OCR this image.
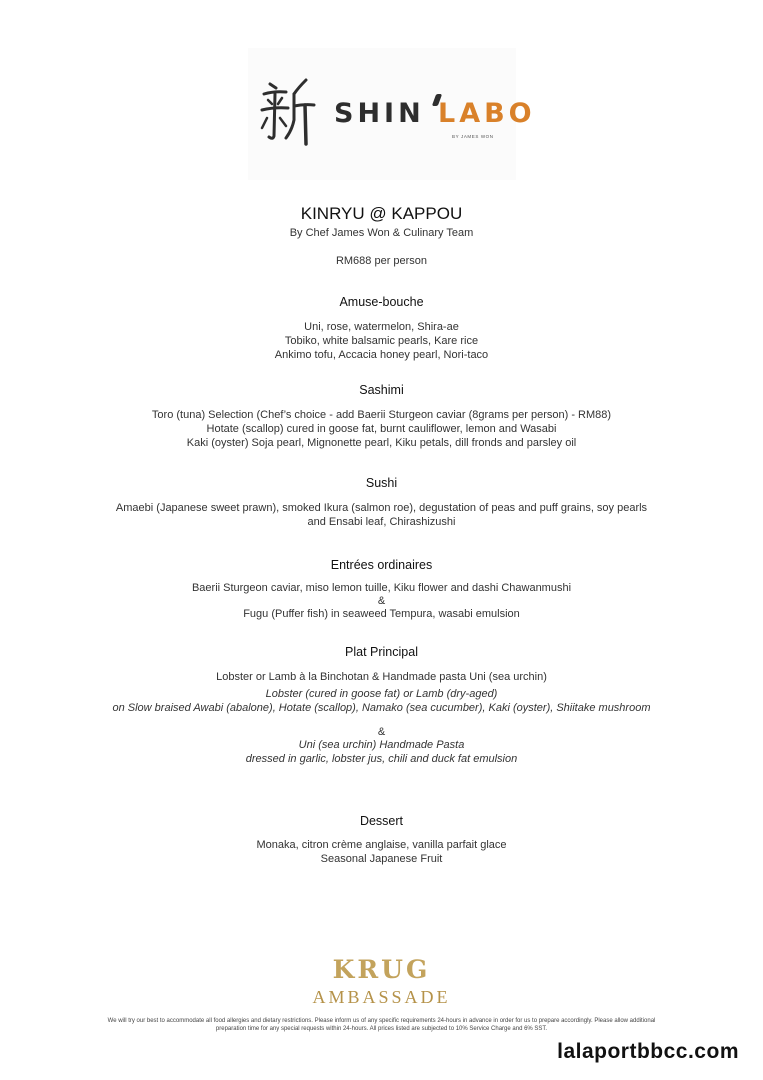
SHIN LABO
BY JAMES WON
KINRYU @ KAPPOU
By Chef James Won & Culinary Team
RM688 per person
Amuse-bouche
Uni, rose, watermelon, Shira-ae
Tobiko, white balsamic pearls, Kare rice
Ankimo tofu, Accacia honey pearl, Nori-taco
Sashimi
Toro (tuna) Selection (Chef’s choice - add Baerii Sturgeon caviar (8grams per person) - RM88)
Hotate (scallop) cured in goose fat, burnt cauliflower, lemon and Wasabi
Kaki (oyster) Soja pearl, Mignonette pearl, Kiku petals, dill fronds and parsley oil
Sushi
Amaebi (Japanese sweet prawn), smoked Ikura (salmon roe), degustation of peas and puff grains, soy pearls
and Ensabi leaf, Chirashizushi
Entrées ordinaires
Baerii Sturgeon caviar, miso lemon tuille, Kiku flower and dashi Chawanmushi
&
Fugu (Puffer fish) in seaweed Tempura, wasabi emulsion
Plat Principal
Lobster or Lamb à la Binchotan & Handmade pasta Uni (sea urchin)
Lobster (cured in goose fat) or Lamb (dry-aged)
on Slow braised Awabi (abalone), Hotate (scallop), Namako (sea cucumber), Kaki (oyster), Shiitake mushroom
&
Uni (sea urchin) Handmade Pasta
dressed in garlic, lobster jus, chili and duck fat emulsion
Dessert
Monaka, citron crème anglaise, vanilla parfait glace
Seasonal Japanese Fruit
KRUG
AMBASSADE
We will try our best to accommodate all food allergies and dietary restrictions. Please inform us of any specific requirements 24-hours in advance in order for us to prepare accordingly. Please allow additional preparation time for any special requests within 24-hours. All prices listed are subjected to 10% Service Charge and 6% SST.
lalaportbbcc.com
